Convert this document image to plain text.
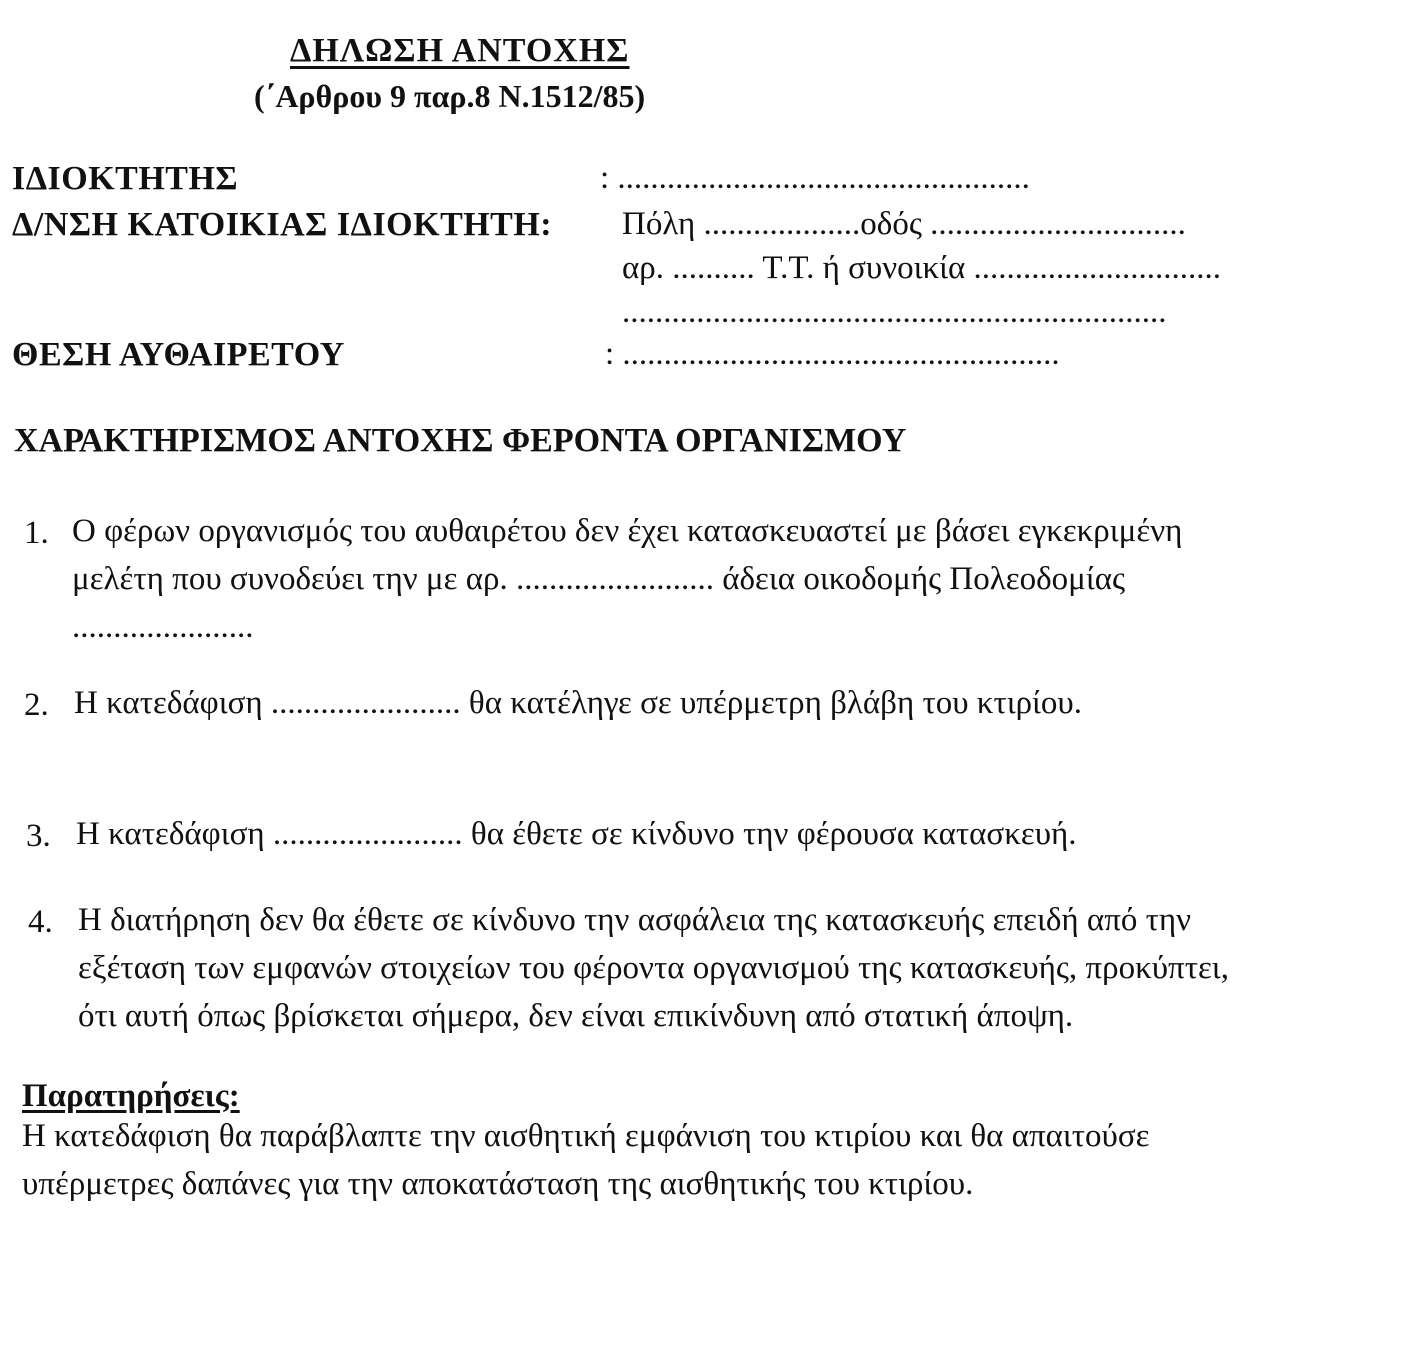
ΔΗΛΩΣΗ ΑΝΤΟΧΗΣ
(΄Αρθρου 9 παρ.8 Ν.1512/85)
ΙΔΙΟΚΤΗΤΗΣ	: ..................................................
Δ/ΝΣΗ ΚΑΤΟΙΚΙΑΣ ΙΔΙΟΚΤΗΤΗ: Πόλη ...................οδός ...............................
αρ. .......... Τ.Τ. ή συνοικία ..............................
..................................................................
ΘΕΣΗ ΑΥΘΑΙΡΕΤΟΥ	: .....................................................
ΧΑΡΑΚΤΗΡΙΣΜΟΣ ΑΝΤΟΧΗΣ ΦΕΡΟΝΤΑ ΟΡΓΑΝΙΣΜΟΥ
1. Ο φέρων οργανισμός του αυθαιρέτου δεν έχει κατασκευαστεί με βάσει εγκεκριμένη
μελέτη που συνοδεύει την με αρ. ........................ άδεια οικοδομής Πολεοδομίας
......................
2. Η κατεδάφιση ....................... θα κατέληγε σε υπέρμετρη βλάβη του κτιρίου.
3. Η κατεδάφιση ....................... θα έθετε σε κίνδυνο την φέρουσα κατασκευή.
4. Η διατήρηση δεν θα έθετε σε κίνδυνο την ασφάλεια της κατασκευής επειδή από την
εξέταση των εμφανών στοιχείων του φέροντα οργανισμού της κατασκευής, προκύπτει,
ότι αυτή όπως βρίσκεται σήμερα, δεν είναι επικίνδυνη από στατική άποψη.
Παρατηρήσεις:
Η κατεδάφιση θα παράβλαπτε την αισθητική εμφάνιση του κτιρίου και θα απαιτούσε
υπέρμετρες δαπάνες για την αποκατάσταση της αισθητικής του κτιρίου.
